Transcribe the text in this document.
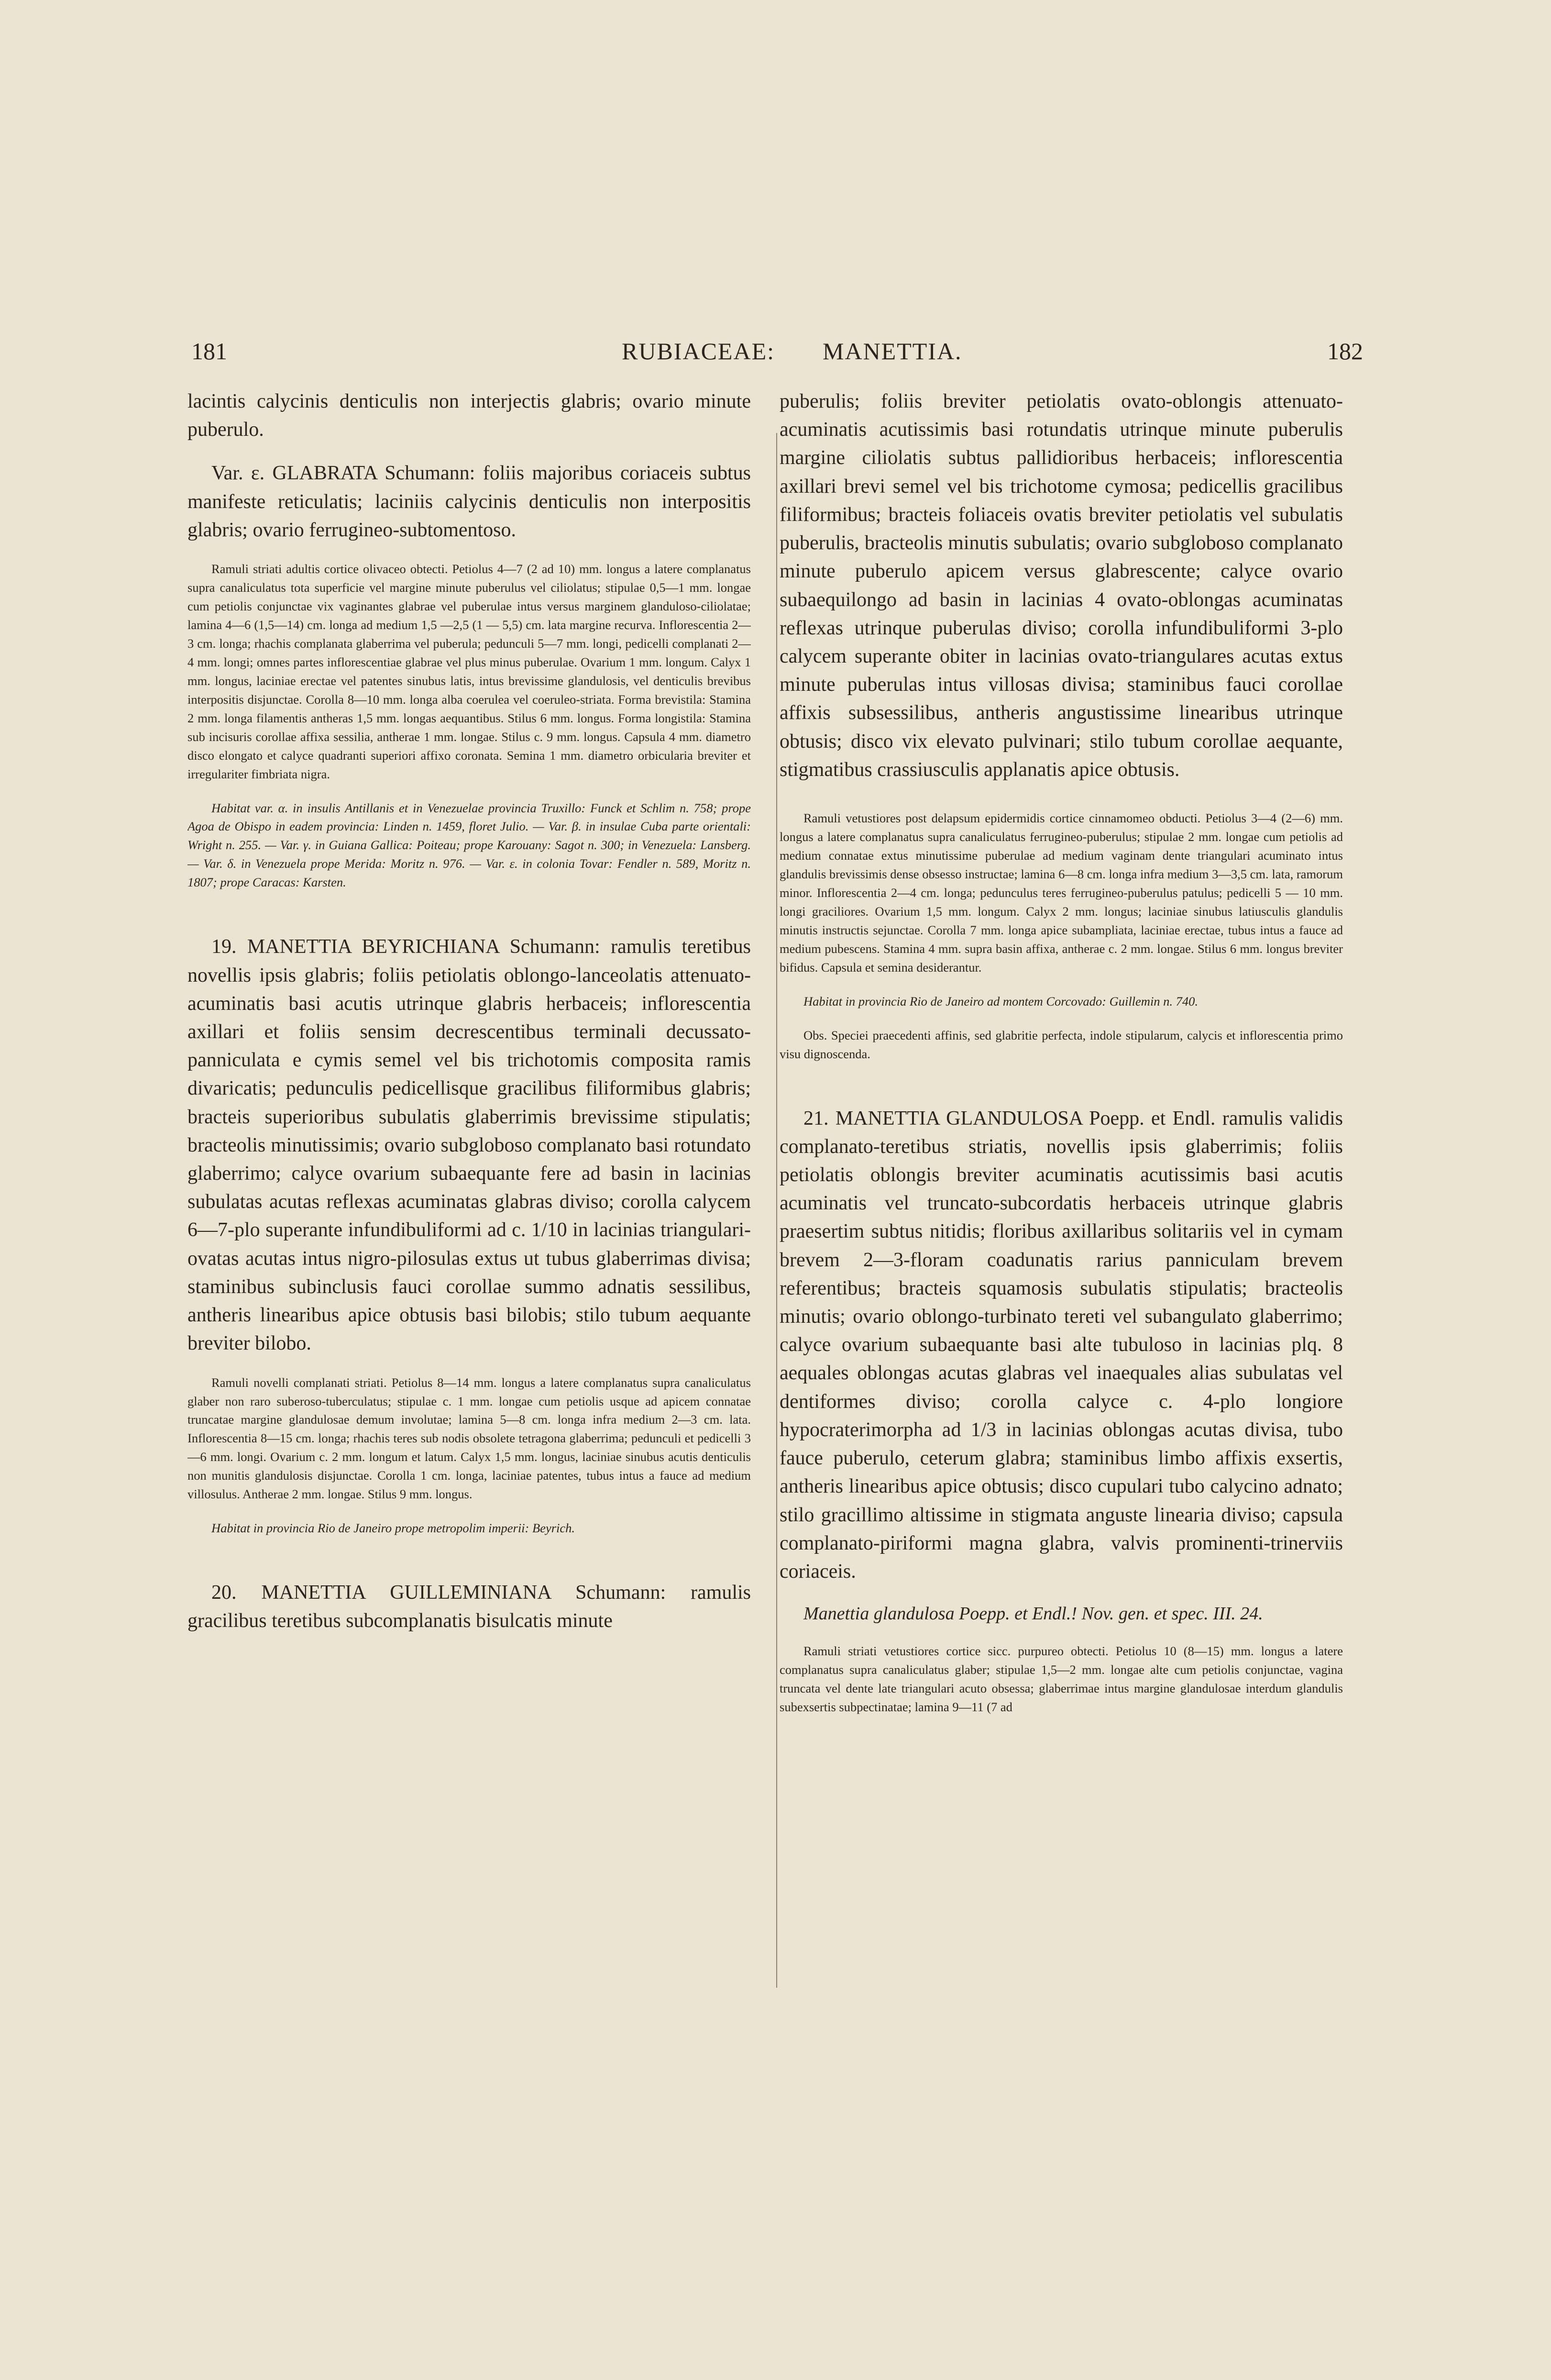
181	RUBIACEAE: MANETTIA.	182

lacintis calycinis denticulis non interjectis glabris; ovario minute puberulo.

Var. ε. GLABRATA Schumann: foliis majoribus coriaceis subtus manifeste reticulatis; laciniis calycinis denticulis non interpositis glabris; ovario ferrugineo-subtomentoso.

Ramuli striati adultis cortice olivaceo obtecti. Petiolus 4—7 (2 ad 10) mm. longus a latere complanatus supra canaliculatus tota superficie vel margine minute puberulus vel ciliolatus; stipulae 0,5—1 mm. longae cum petiolis conjunctae vix vaginantes glabrae vel puberulae intus versus marginem glanduloso-ciliolatae; lamina 4—6 (1,5—14) cm. longa ad medium 1,5 —2,5 (1 — 5,5) cm. lata margine recurva. Inflorescentia 2—3 cm. longa; rhachis complanata glaberrima vel puberula; pedunculi 5—7 mm. longi, pedicelli complanati 2—4 mm. longi; omnes partes inflorescentiae glabrae vel plus minus puberulae. Ovarium 1 mm. longum. Calyx 1 mm. longus, laciniae erectae vel patentes sinubus latis, intus brevissime glandulosis, vel denticulis brevibus interpositis disjunctae. Corolla 8—10 mm. longa alba coerulea vel coeruleo-striata. Forma brevistila: Stamina 2 mm. longa filamentis antheras 1,5 mm. longas aequantibus. Stilus 6 mm. longus. Forma longistila: Stamina sub incisuris corollae affixa sessilia, antherae 1 mm. longae. Stilus c. 9 mm. longus. Capsula 4 mm. diametro disco elongato et calyce quadranti superiori affixo coronata. Semina 1 mm. diametro orbicularia breviter et irregulariter fimbriata nigra.

Habitat var. α. in insulis Antillanis et in Venezuelae provincia Truxillo: Funck et Schlim n. 758; prope Agoa de Obispo in eadem provincia: Linden n. 1459, floret Julio. — Var. β. in insulae Cuba parte orientali: Wright n. 255. — Var. γ. in Guiana Gallica: Poiteau; prope Karouany: Sagot n. 300; in Venezuela: Lansberg. — Var. δ. in Venezuela prope Merida: Moritz n. 976. — Var. ε. in colonia Tovar: Fendler n. 589, Moritz n. 1807; prope Caracas: Karsten.

19. MANETTIA BEYRICHIANA Schumann: ramulis teretibus novellis ipsis glabris; foliis petiolatis oblongo-lanceolatis attenuato-acuminatis basi acutis utrinque glabris herbaceis; inflorescentia axillari et foliis sensim decrescentibus terminali decussato-panniculata e cymis semel vel bis trichotomis composita ramis divaricatis; pedunculis pedicellisque gracilibus filiformibus glabris; bracteis superioribus subulatis glaberrimis brevissime stipulatis; bracteolis minutissimis; ovario subgloboso complanato basi rotundato glaberrimo; calyce ovarium subaequante fere ad basin in lacinias subulatas acutas reflexas acuminatas glabras diviso; corolla calycem 6—7-plo superante infundibuliformi ad c. 1/10 in lacinias triangulari-ovatas acutas intus nigro-pilosulas extus ut tubus glaberrimas divisa; staminibus subinclusis fauci corollae summo adnatis sessilibus, antheris linearibus apice obtusis basi bilobis; stilo tubum aequante breviter bilobo.

Ramuli novelli complanati striati. Petiolus 8—14 mm. longus a latere complanatus supra canaliculatus glaber non raro suberoso-tuberculatus; stipulae c. 1 mm. longae cum petiolis usque ad apicem connatae truncatae margine glandulosae demum involutae; lamina 5—8 cm. longa infra medium 2—3 cm. lata. Inflorescentia 8—15 cm. longa; rhachis teres sub nodis obsolete tetragona glaberrima; pedunculi et pedicelli 3—6 mm. longi. Ovarium c. 2 mm. longum et latum. Calyx 1,5 mm. longus, laciniae sinubus acutis denticulis non munitis glandulosis disjunctae. Corolla 1 cm. longa, laciniae patentes, tubus intus a fauce ad medium villosulus. Antherae 2 mm. longae. Stilus 9 mm. longus.

Habitat in provincia Rio de Janeiro prope metropolim imperii: Beyrich.

20. MANETTIA GUILLEMINIANA Schumann: ramulis gracilibus teretibus subcomplanatis bisulcatis minute

puberulis; foliis breviter petiolatis ovato-oblongis attenuato-acuminatis acutissimis basi rotundatis utrinque minute puberulis margine ciliolatis subtus pallidioribus herbaceis; inflorescentia axillari brevi semel vel bis trichotome cymosa; pedicellis gracilibus filiformibus; bracteis foliaceis ovatis breviter petiolatis vel subulatis puberulis, bracteolis minutis subulatis; ovario subgloboso complanato minute puberulo apicem versus glabrescente; calyce ovario subaequilongo ad basin in lacinias 4 ovato-oblongas acuminatas reflexas utrinque puberulas diviso; corolla infundibuliformi 3-plo calycem superante obiter in lacinias ovato-triangulares acutas extus minute puberulas intus villosas divisa; staminibus fauci corollae affixis subsessilibus, antheris angustissime linearibus utrinque obtusis; disco vix elevato pulvinari; stilo tubum corollae aequante, stigmatibus crassiusculis applanatis apice obtusis.

Ramuli vetustiores post delapsum epidermidis cortice cinnamomeo obducti. Petiolus 3—4 (2—6) mm. longus a latere complanatus supra canaliculatus ferrugineo-puberulus; stipulae 2 mm. longae cum petiolis ad medium connatae extus minutissime puberulae ad medium vaginam dente triangulari acuminato intus glandulis brevissimis dense obsesso instructae; lamina 6—8 cm. longa infra medium 3—3,5 cm. lata, ramorum minor. Inflorescentia 2—4 cm. longa; pedunculus teres ferrugineo-puberulus patulus; pedicelli 5 — 10 mm. longi graciliores. Ovarium 1,5 mm. longum. Calyx 2 mm. longus; laciniae sinubus latiusculis glandulis minutis instructis sejunctae. Corolla 7 mm. longa apice subampliata, laciniae erectae, tubus intus a fauce ad medium pubescens. Stamina 4 mm. supra basin affixa, antherae c. 2 mm. longae. Stilus 6 mm. longus breviter bifidus. Capsula et semina desiderantur.

Habitat in provincia Rio de Janeiro ad montem Corcovado: Guillemin n. 740.

Obs. Speciei praecedenti affinis, sed glabritie perfecta, indole stipularum, calycis et inflorescentia primo visu dignoscenda.

21. MANETTIA GLANDULOSA Poepp. et Endl. ramulis validis complanato-teretibus striatis, novellis ipsis glaberrimis; foliis petiolatis oblongis breviter acuminatis acutissimis basi acutis acuminatis vel truncato-subcordatis herbaceis utrinque glabris praesertim subtus nitidis; floribus axillaribus solitariis vel in cymam brevem 2—3-floram coadunatis rarius panniculam brevem referentibus; bracteis squamosis subulatis stipulatis; bracteolis minutis; ovario oblongo-turbinato tereti vel subangulato glaberrimo; calyce ovarium subaequante basi alte tubuloso in lacinias plq. 8 aequales oblongas acutas glabras vel inaequales alias subulatas vel dentiformes diviso; corolla calyce c. 4-plo longiore hypocraterimorpha ad 1/3 in lacinias oblongas acutas divisa, tubo fauce puberulo, ceterum glabra; staminibus limbo affixis exsertis, antheris linearibus apice obtusis; disco cupulari tubo calycino adnato; stilo gracillimo altissime in stigmata anguste linearia diviso; capsula complanato-piriformi magna glabra, valvis prominenti-trinerviis coriaceis.

Manettia glandulosa Poepp. et Endl.! Nov. gen. et spec. III. 24.

Ramuli striati vetustiores cortice sicc. purpureo obtecti. Petiolus 10 (8—15) mm. longus a latere complanatus supra canaliculatus glaber; stipulae 1,5—2 mm. longae alte cum petiolis conjunctae, vagina truncata vel dente late triangulari acuto obsessa; glaberrimae intus margine glandulosae interdum glandulis subexsertis subpectinatae; lamina 9—11 (7 ad
